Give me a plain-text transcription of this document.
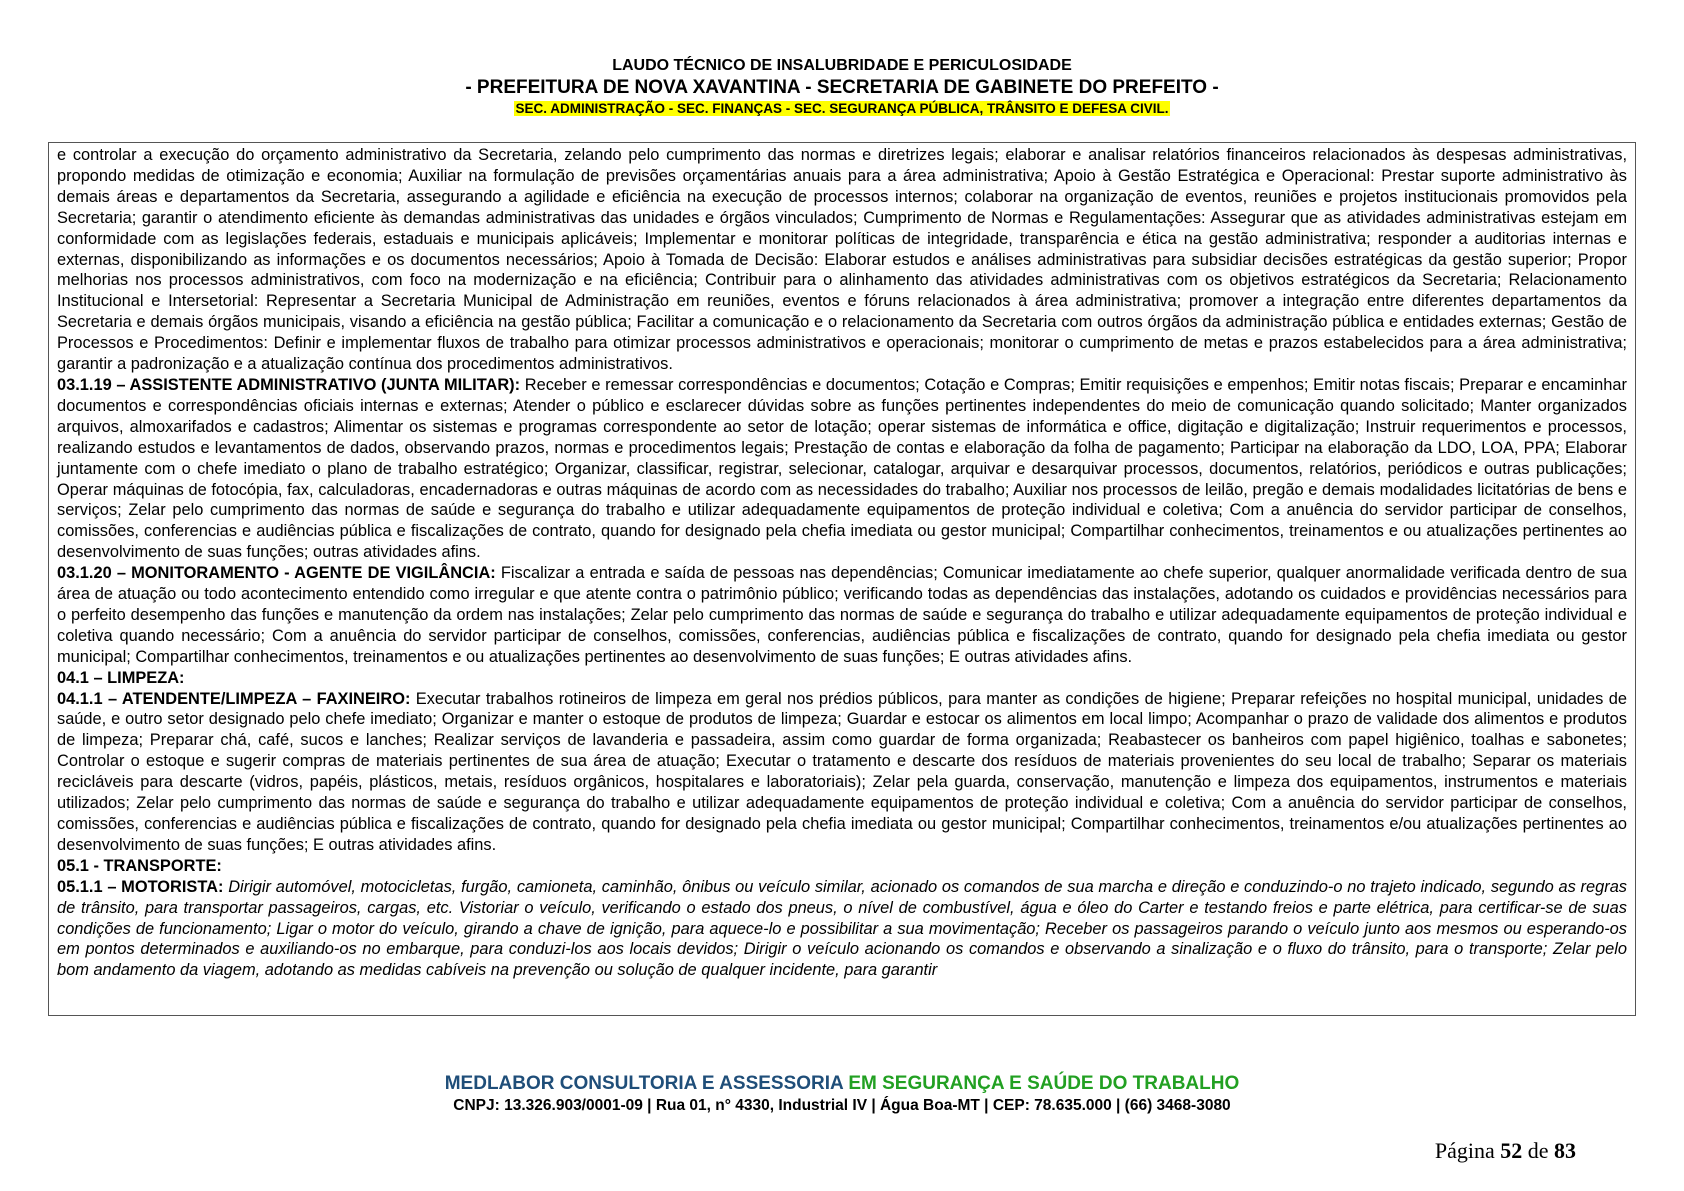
LAUDO TÉCNICO DE INSALUBRIDADE E PERICULOSIDADE
- PREFEITURA DE NOVA XAVANTINA - SECRETARIA DE GABINETE DO PREFEITO -
SEC. ADMINISTRAÇÃO - SEC. FINANÇAS - SEC. SEGURANÇA PÚBLICA, TRÂNSITO E DEFESA CIVIL.

e controlar a execução do orçamento administrativo da Secretaria, zelando pelo cumprimento das normas e diretrizes legais; elaborar e analisar relatórios financeiros relacionados às despesas administrativas, propondo medidas de otimização e economia; Auxiliar na formulação de previsões orçamentárias anuais para a área administrativa; Apoio à Gestão Estratégica e Operacional: Prestar suporte administrativo às demais áreas e departamentos da Secretaria, assegurando a agilidade e eficiência na execução de processos internos; colaborar na organização de eventos, reuniões e projetos institucionais promovidos pela Secretaria; garantir o atendimento eficiente às demandas administrativas das unidades e órgãos vinculados; Cumprimento de Normas e Regulamentações: Assegurar que as atividades administrativas estejam em conformidade com as legislações federais, estaduais e municipais aplicáveis; Implementar e monitorar políticas de integridade, transparência e ética na gestão administrativa; responder a auditorias internas e externas, disponibilizando as informações e os documentos necessários; Apoio à Tomada de Decisão: Elaborar estudos e análises administrativas para subsidiar decisões estratégicas da gestão superior; Propor melhorias nos processos administrativos, com foco na modernização e na eficiência; Contribuir para o alinhamento das atividades administrativas com os objetivos estratégicos da Secretaria; Relacionamento Institucional e Intersetorial: Representar a Secretaria Municipal de Administração em reuniões, eventos e fóruns relacionados à área administrativa; promover a integração entre diferentes departamentos da Secretaria e demais órgãos municipais, visando a eficiência na gestão pública; Facilitar a comunicação e o relacionamento da Secretaria com outros órgãos da administração pública e entidades externas; Gestão de Processos e Procedimentos: Definir e implementar fluxos de trabalho para otimizar processos administrativos e operacionais; monitorar o cumprimento de metas e prazos estabelecidos para a área administrativa; garantir a padronização e a atualização contínua dos procedimentos administrativos.

03.1.19 – ASSISTENTE ADMINISTRATIVO (JUNTA MILITAR): Receber e remessar correspondências e documentos; Cotação e Compras; Emitir requisições e empenhos; Emitir notas fiscais; Preparar e encaminhar documentos e correspondências oficiais internas e externas; Atender o público e esclarecer dúvidas sobre as funções pertinentes independentes do meio de comunicação quando solicitado; Manter organizados arquivos, almoxarifados e cadastros; Alimentar os sistemas e programas correspondente ao setor de lotação; operar sistemas de informática e office, digitação e digitalização; Instruir requerimentos e processos, realizando estudos e levantamentos de dados, observando prazos, normas e procedimentos legais; Prestação de contas e elaboração da folha de pagamento; Participar na elaboração da LDO, LOA, PPA; Elaborar juntamente com o chefe imediato o plano de trabalho estratégico; Organizar, classificar, registrar, selecionar, catalogar, arquivar e desarquivar processos, documentos, relatórios, periódicos e outras publicações; Operar máquinas de fotocópia, fax, calculadoras, encadernadoras e outras máquinas de acordo com as necessidades do trabalho; Auxiliar nos processos de leilão, pregão e demais modalidades licitatórias de bens e serviços; Zelar pelo cumprimento das normas de saúde e segurança do trabalho e utilizar adequadamente equipamentos de proteção individual e coletiva; Com a anuência do servidor participar de conselhos, comissões, conferencias e audiências pública e fiscalizações de contrato, quando for designado pela chefia imediata ou gestor municipal; Compartilhar conhecimentos, treinamentos e ou atualizações pertinentes ao desenvolvimento de suas funções; outras atividades afins.

03.1.20 – MONITORAMENTO - AGENTE DE VIGILÂNCIA: Fiscalizar a entrada e saída de pessoas nas dependências; Comunicar imediatamente ao chefe superior, qualquer anormalidade verificada dentro de sua área de atuação ou todo acontecimento entendido como irregular e que atente contra o patrimônio público; verificando todas as dependências das instalações, adotando os cuidados e providências necessários para o perfeito desempenho das funções e manutenção da ordem nas instalações; Zelar pelo cumprimento das normas de saúde e segurança do trabalho e utilizar adequadamente equipamentos de proteção individual e coletiva quando necessário; Com a anuência do servidor participar de conselhos, comissões, conferencias, audiências pública e fiscalizações de contrato, quando for designado pela chefia imediata ou gestor municipal; Compartilhar conhecimentos, treinamentos e ou atualizações pertinentes ao desenvolvimento de suas funções; E outras atividades afins.

04.1 – LIMPEZA:

04.1.1 – ATENDENTE/LIMPEZA – FAXINEIRO: Executar trabalhos rotineiros de limpeza em geral nos prédios públicos, para manter as condições de higiene; Preparar refeições no hospital municipal, unidades de saúde, e outro setor designado pelo chefe imediato; Organizar e manter o estoque de produtos de limpeza; Guardar e estocar os alimentos em local limpo; Acompanhar o prazo de validade dos alimentos e produtos de limpeza; Preparar chá, café, sucos e lanches; Realizar serviços de lavanderia e passadeira, assim como guardar de forma organizada; Reabastecer os banheiros com papel higiênico, toalhas e sabonetes; Controlar o estoque e sugerir compras de materiais pertinentes de sua área de atuação; Executar o tratamento e descarte dos resíduos de materiais provenientes do seu local de trabalho; Separar os materiais recicláveis para descarte (vidros, papéis, plásticos, metais, resíduos orgânicos, hospitalares e laboratoriais); Zelar pela guarda, conservação, manutenção e limpeza dos equipamentos, instrumentos e materiais utilizados; Zelar pelo cumprimento das normas de saúde e segurança do trabalho e utilizar adequadamente equipamentos de proteção individual e coletiva; Com a anuência do servidor participar de conselhos, comissões, conferencias e audiências pública e fiscalizações de contrato, quando for designado pela chefia imediata ou gestor municipal; Compartilhar conhecimentos, treinamentos e/ou atualizações pertinentes ao desenvolvimento de suas funções; E outras atividades afins.

05.1 - TRANSPORTE:

05.1.1 – MOTORISTA: Dirigir automóvel, motocicletas, furgão, camioneta, caminhão, ônibus ou veículo similar, acionado os comandos de sua marcha e direção e conduzindo-o no trajeto indicado, segundo as regras de trânsito, para transportar passageiros, cargas, etc. Vistoriar o veículo, verificando o estado dos pneus, o nível de combustível, água e óleo do Carter e testando freios e parte elétrica, para certificar-se de suas condições de funcionamento; Ligar o motor do veículo, girando a chave de ignição, para aquece-lo e possibilitar a sua movimentação; Receber os passageiros parando o veículo junto aos mesmos ou esperando-os em pontos determinados e auxiliando-os no embarque, para conduzi-los aos locais devidos; Dirigir o veículo acionando os comandos e observando a sinalização e o fluxo do trânsito, para o transporte; Zelar pelo bom andamento da viagem, adotando as medidas cabíveis na prevenção ou solução de qualquer incidente, para garantir

MEDLABOR CONSULTORIA E ASSESSORIA EM SEGURANÇA E SAÚDE DO TRABALHO
CNPJ: 13.326.903/0001-09 | Rua 01, n° 4330, Industrial IV | Água Boa-MT | CEP: 78.635.000 | (66) 3468-3080
Página 52 de 83
